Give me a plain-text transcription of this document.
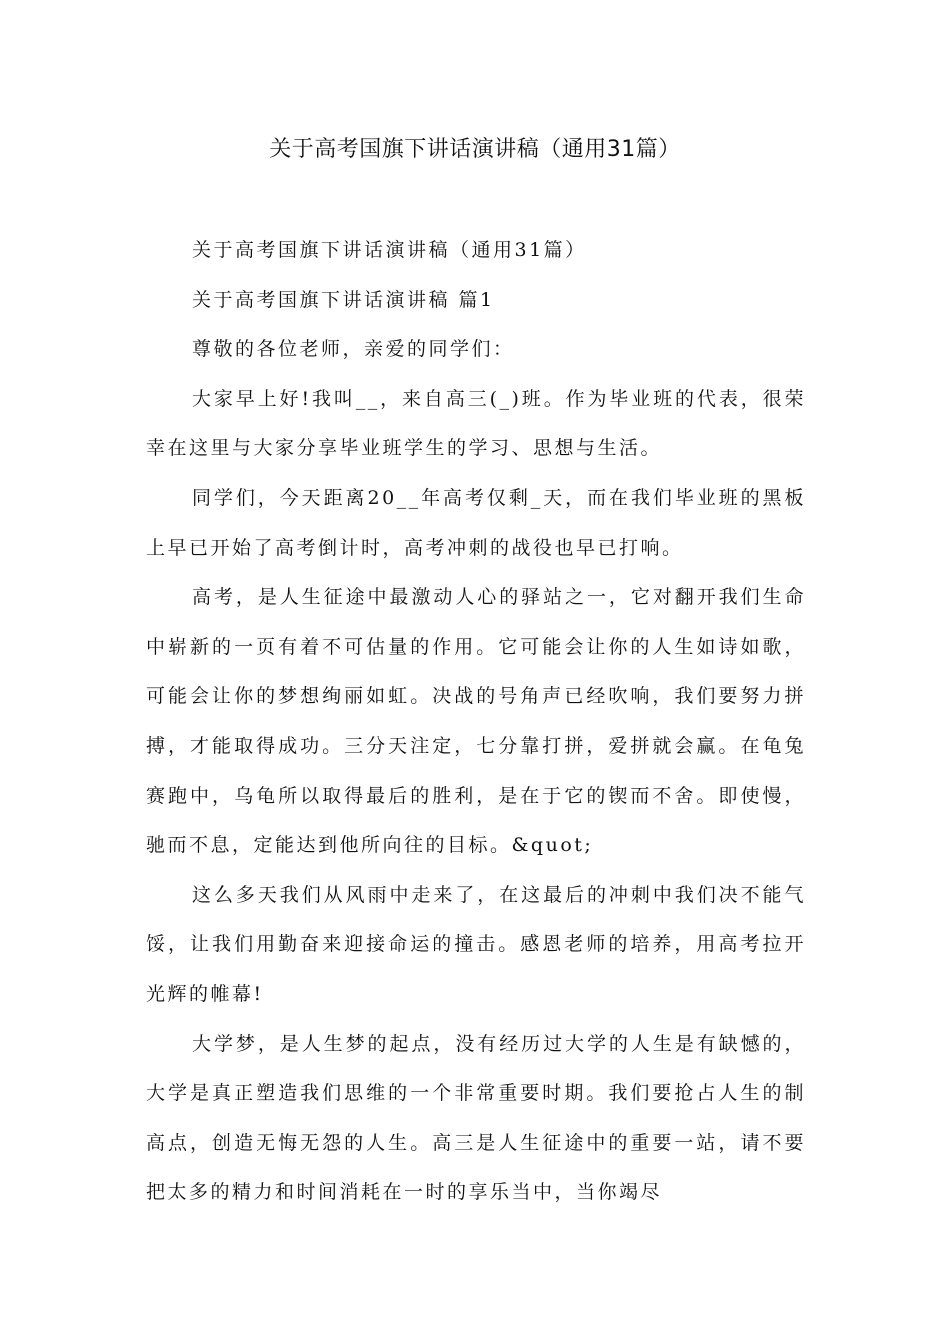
关于高考国旗下讲话演讲稿（通用31篇）

关于高考国旗下讲话演讲稿（通用31篇）

关于高考国旗下讲话演讲稿 篇1

尊敬的各位老师，亲爱的同学们：

大家早上好!我叫__，来自高三(_)班。作为毕业班的代表，很荣幸在这里与大家分享毕业班学生的学习、思想与生活。

同学们，今天距离20__年高考仅剩_天，而在我们毕业班的黑板上早已开始了高考倒计时，高考冲刺的战役也早已打响。

高考，是人生征途中最激动人心的驿站之一，它对翻开我们生命中崭新的一页有着不可估量的作用。它可能会让你的人生如诗如歌，可能会让你的梦想绚丽如虹。决战的号角声已经吹响，我们要努力拼搏，才能取得成功。三分天注定，七分靠打拼，爱拼就会赢。在龟兔赛跑中，乌龟所以取得最后的胜利，是在于它的锲而不舍。即使慢，驰而不息，定能达到他所向往的目标。&quot;

这么多天我们从风雨中走来了，在这最后的冲刺中我们决不能气馁，让我们用勤奋来迎接命运的撞击。感恩老师的培养，用高考拉开光辉的帷幕!

大学梦，是人生梦的起点，没有经历过大学的人生是有缺憾的，大学是真正塑造我们思维的一个非常重要时期。我们要抢占人生的制高点，创造无悔无怨的人生。高三是人生征途中的重要一站，请不要把太多的精力和时间消耗在一时的享乐当中，当你竭尽
